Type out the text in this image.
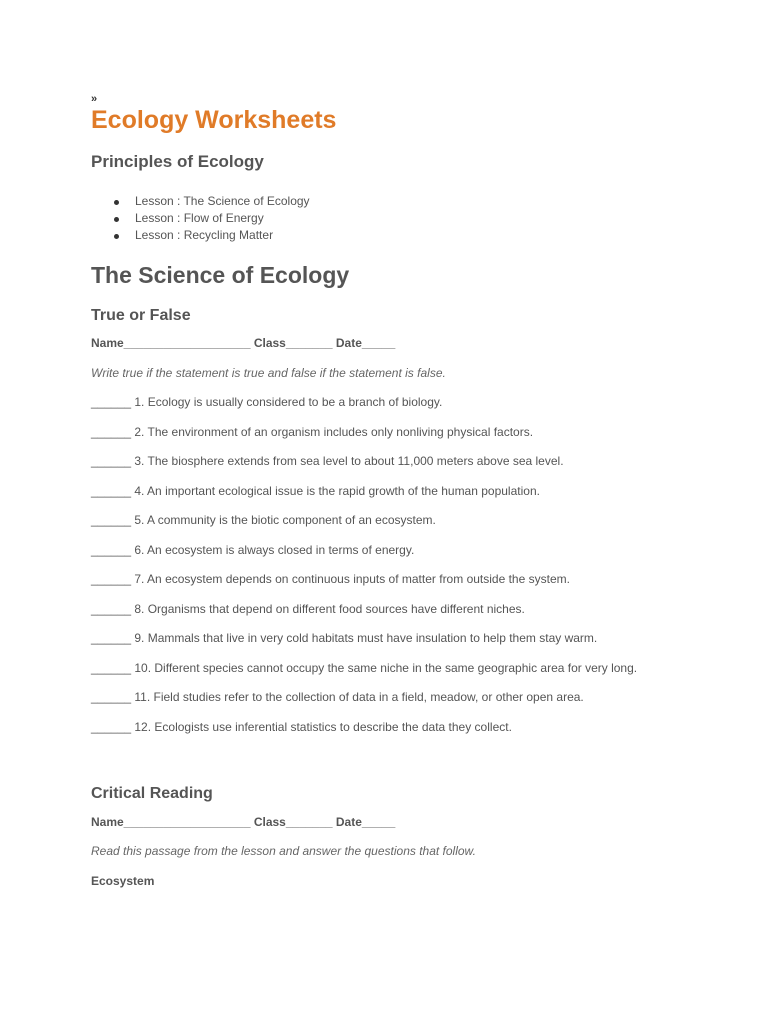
»
Ecology Worksheets
Principles of Ecology
Lesson : The Science of Ecology
Lesson : Flow of Energy
Lesson : Recycling Matter
The Science of Ecology
True or False
Name___________________ Class_______ Date_____
Write true if the statement is true and false if the statement is false.
______ 1. Ecology is usually considered to be a branch of biology.
______ 2. The environment of an organism includes only nonliving physical factors.
______ 3. The biosphere extends from sea level to about 11,000 meters above sea level.
______ 4. An important ecological issue is the rapid growth of the human population.
______ 5. A community is the biotic component of an ecosystem.
______ 6. An ecosystem is always closed in terms of energy.
______ 7. An ecosystem depends on continuous inputs of matter from outside the system.
______ 8. Organisms that depend on different food sources have different niches.
______ 9. Mammals that live in very cold habitats must have insulation to help them stay warm.
______ 10. Different species cannot occupy the same niche in the same geographic area for very long.
______ 11. Field studies refer to the collection of data in a field, meadow, or other open area.
______ 12. Ecologists use inferential statistics to describe the data they collect.
Critical Reading
Name___________________ Class_______ Date_____
Read this passage from the lesson and answer the questions that follow.
Ecosystem
